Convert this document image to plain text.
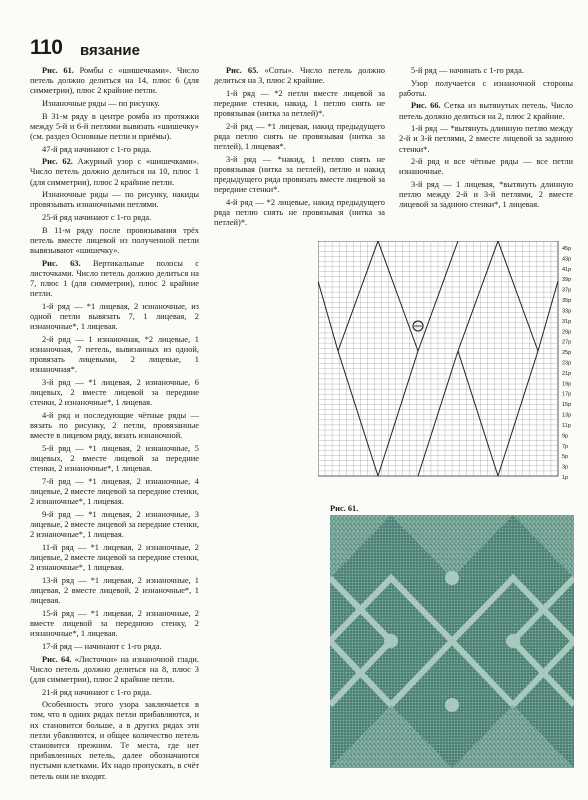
110 вязание

Рис. 61. Ромбы с «шишечками». Число петель должно делиться на 14, плюс 6 (для симметрии), плюс 2 крайние петли.

Изнаночные ряды — по рисунку.

В 31-м ряду в центре ромба из протяжки между 5-й и 6-й петлями вывязать «шишечку» (см. раздел Основные петли и приёмы).

47-й ряд начинают с 1-го ряда.

Рис. 62. Ажурный узор с «шишечками». Число петель должно делиться на 10, плюс 1 (для симметрии), плюс 2 крайние петли.

Изнаночные ряды — по рисунку, накиды провязывать изнаночными петлями.

25-й ряд начинают с 1-го ряда.

В 11-м ряду после провязывания трёх петель вместе лицевой из полученной петли вывязывают «шишечку».

Рис. 63. Вертикальные полосы с листочками. Число петель должно делиться на 7, плюс 1 (для симметрии), плюс 2 крайние петли.

1-й ряд — *1 лицевая, 2 изнаночные, из одной петли вывязать 7, 1 лицевая, 2 изнаночные*, 1 лицевая.

2-й ряд — 1 изнаночная, *2 лицевые, 1 изнаночная, 7 петель, вывязанных из одной, провязать лицевыми, 2 лицевые, 1 изнаночная*.

3-й ряд — *1 лицевая, 2 изнаночные, 6 лицевых, 2 вместе лицевой за передние стенки, 2 изнаночные*, 1 лицевая.

4-й ряд и последующие чётные ряды — вязать по рисунку, 2 петли, провязанные вместе в лицевом ряду, вязать изнаночной.

5-й ряд — *1 лицевая, 2 изнаночные, 5 лицевых, 2 вместе лицевой за передние стенки, 2 изнаночные*, 1 лицевая.

7-й ряд — *1 лицевая, 2 изнаночные, 4 лицевые, 2 вместе лицевой за передние стенки, 2 изнаночные*, 1 лицевая.

9-й ряд — *1 лицевая, 2 изнаночные, 3 лицевые, 2 вместе лицевой за передние стенки, 2 изнаночные*, 1 лицевая.

11-й ряд — *1 лицевая, 2 изнаночные, 2 лицевые, 2 вместе лицевой за передние стенки, 2 изнаночные*, 1 лицевая.

13-й ряд — *1 лицевая, 2 изнаночные, 1 лицевая, 2 вместе лицевой, 2 изнаночные*, 1 лицевая.

15-й ряд — *1 лицевая, 2 изнаночные, 2 вместе лицевой за переднюю стенку, 2 изнаночные*, 1 лицевая.

17-й ряд — начинают с 1-го ряда.

Рис. 64. «Листочки» на изнаночной глади. Число петель должно делиться на 8, плюс 3 (для симметрии), плюс 2 крайние петли.

21-й ряд начинают с 1-го ряда.

Особенность этого узора заключается в том, что в одних рядах петли прибавляются, и их становится больше, а в других рядах эти петли убавляются, и общее количество петель становится прежним. Те места, где нет прибавленных петель, далее обозначаются пустыми клетками. Их надо пропускать, в счёт петель они не входят.

Рис. 65. «Соты». Число петель должно делиться на 3, плюс 2 крайние.

1-й ряд — *2 петли вместе лицевой за передние стенки, накид, 1 петлю снять не провязывая (нитка за петлей)*.

2-й ряд — *1 лицевая, накид предыдущего ряда петлю снять не провязывая (нитка за петлей), 1 лицевая*.

3-й ряд — *накид, 1 петлю снять не провязывая (нитка за петлей), петлю и накид предыдущего ряда провязать вместе лицевой за передние стенки*.

4-й ряд — *2 лицевые, накид предыдущего ряда петлю снять не провязывая (нитка за петлей)*.

5-й ряд — начинать с 1-го ряда.

Узор получается с изнаночной стороны работы.

Рис. 66. Сетка из вытянутых петель. Число петель должно делиться на 2, плюс 2 крайние.

1-й ряд — *вытянуть длинную петлю между 2-й и 3-й петлями, 2 вместе лицевой за заднюю стенки*.

2-й ряд и все чётные ряды — все петли изнаночные.

3-й ряд — 1 лицевая, *вытянуть длинную петлю между 2-й и 3-й петлями, 2 вместе лицевой за заднюю стенки*, 1 лицевая.

45р
43р
41р
39р
37р
35р
33р
31р
29р
27р
25р
23р
21р
19р
17р
15р
13р
11р
9р
7р
5р
3р
1р
Рис. 61.
